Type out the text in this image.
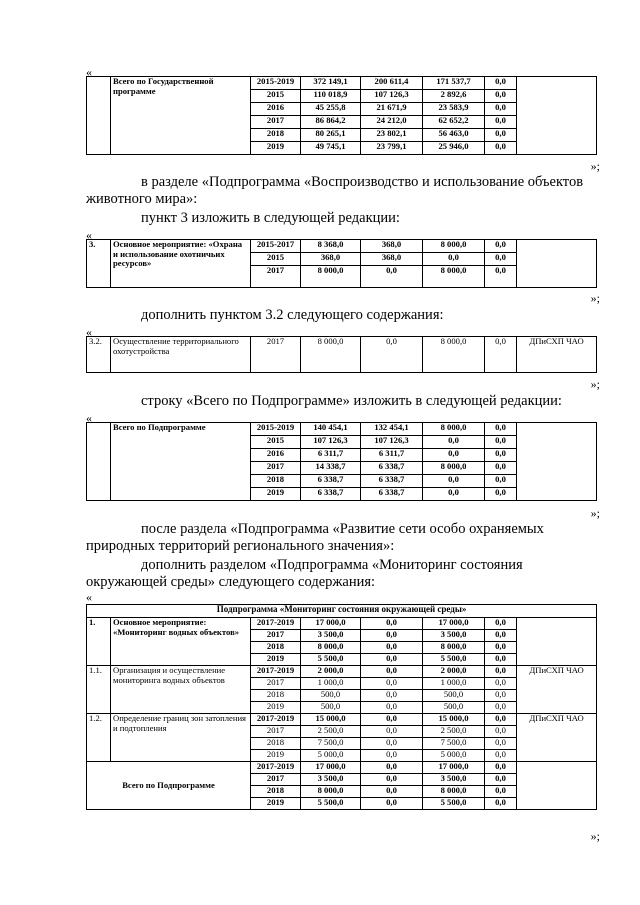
«
	Всего по Государственной программе	2015-2019	372 149,1	200 611,4	171 537,7	0,0	
		2015	110 018,9	107 126,3	2 892,6	0,0	
		2016	45 255,8	21 671,9	23 583,9	0,0	
		2017	86 864,2	24 212,0	62 652,2	0,0	
		2018	80 265,1	23 802,1	56 463,0	0,0	
		2019	49 745,1	23 799,1	25 946,0	0,0	
»;
в разделе «Подпрограмма «Воспроизводство и использование объектов
животного мира»:
пункт 3 изложить в следующей редакции:
«
3.	Основное мероприятие: «Охрана и использование охотничьих ресурсов»	2015-2017	8 368,0	368,0	8 000,0	0,0	
		2015	368,0	368,0	0,0	0,0	
		2017	8 000,0	0,0	8 000,0	0,0	
»;
дополнить пунктом 3.2 следующего содержания:
«
3.2.	Осуществление территориального охотустройства	2017	8 000,0	0,0	8 000,0	0,0	ДПиСХП ЧАО
»;
строку «Всего по Подпрограмме» изложить в следующей редакции:
«
	Всего по Подпрограмме	2015-2019	140 454,1	132 454,1	8 000,0	0,0	
		2015	107 126,3	107 126,3	0,0	0,0	
		2016	6 311,7	6 311,7	0,0	0,0	
		2017	14 338,7	6 338,7	8 000,0	0,0	
		2018	6 338,7	6 338,7	0,0	0,0	
		2019	6 338,7	6 338,7	0,0	0,0	
»;
после раздела «Подпрограмма «Развитие сети особо охраняемых
природных территорий регионального значения»:
дополнить разделом «Подпрограмма «Мониторинг состояния
окружающей среды» следующего содержания:
«
Подпрограмма «Мониторинг состояния окружающей среды»							
1.	Основное мероприятие: «Мониторинг водных объектов»	2017-2019	17 000,0	0,0	17 000,0	0,0	
		2017	3 500,0	0,0	3 500,0	0,0	
		2018	8 000,0	0,0	8 000,0	0,0	
		2019	5 500,0	0,0	5 500,0	0,0	
1.1.	Организация и осуществление мониторинга водных объектов	2017-2019	2 000,0	0,0	2 000,0	0,0	ДПиСХП ЧАО
		2017	1 000,0	0,0	1 000,0	0,0	
		2018	500,0	0,0	500,0	0,0	
		2019	500,0	0,0	500,0	0,0	
1.2.	Определение границ зон затопления и подтопления	2017-2019	15 000,0	0,0	15 000,0	0,0	ДПиСХП ЧАО
		2017	2 500,0	0,0	2 500,0	0,0	
		2018	7 500,0	0,0	7 500,0	0,0	
		2019	5 000,0	0,0	5 000,0	0,0	
Всего по Подпрограмме		2017-2019	17 000,0	0,0	17 000,0	0,0	
		2017	3 500,0	0,0	3 500,0	0,0	
		2018	8 000,0	0,0	8 000,0	0,0	
		2019	5 500,0	0,0	5 500,0	0,0	
»;
